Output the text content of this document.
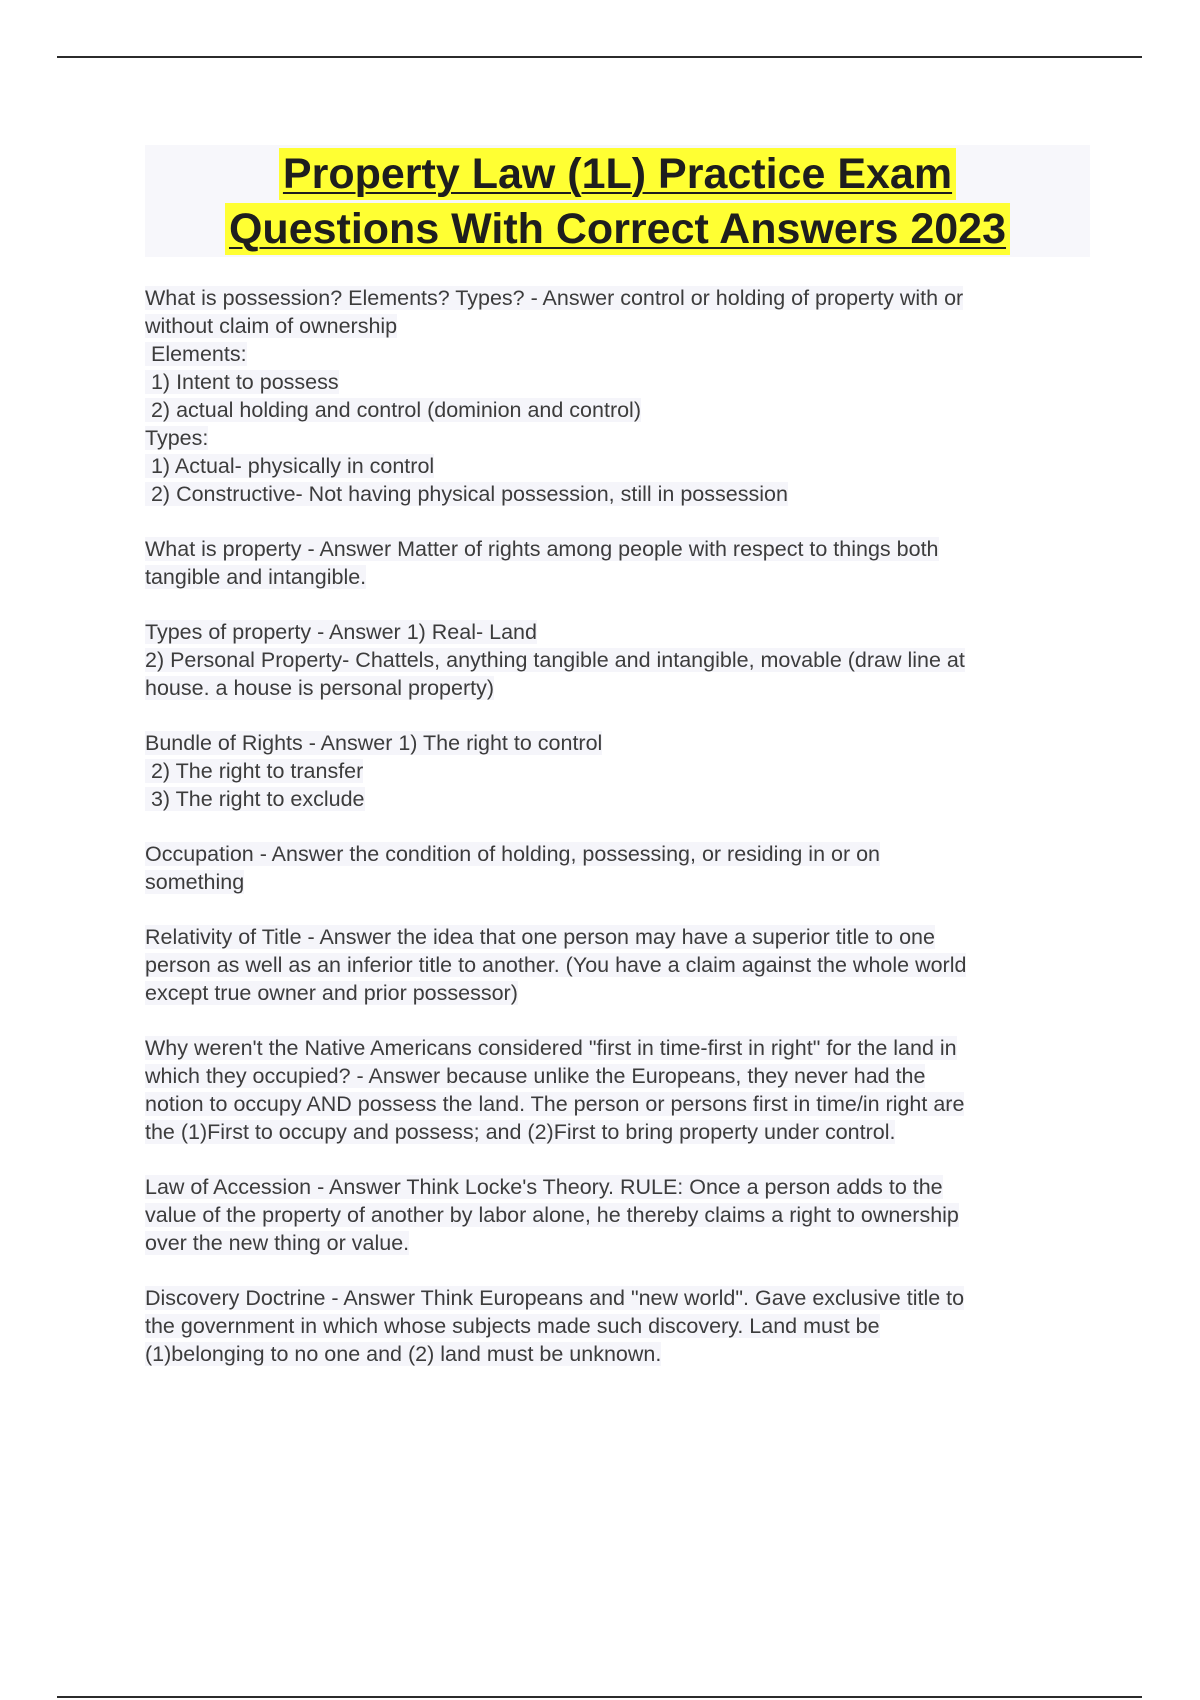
Property Law (1L) Practice Exam
Questions With Correct Answers 2023
What is possession? Elements? Types? - Answer control or holding of property with or
without claim of ownership
Elements:
1) Intent to possess
2) actual holding and control (dominion and control)
Types:
1) Actual- physically in control
2) Constructive- Not having physical possession, still in possession
What is property - Answer Matter of rights among people with respect to things both
tangible and intangible.
Types of property - Answer 1) Real- Land
2) Personal Property- Chattels, anything tangible and intangible, movable (draw line at
house. a house is personal property)
Bundle of Rights - Answer 1) The right to control
2) The right to transfer
3) The right to exclude
Occupation - Answer the condition of holding, possessing, or residing in or on
something
Relativity of Title - Answer the idea that one person may have a superior title to one
person as well as an inferior title to another. (You have a claim against the whole world
except true owner and prior possessor)
Why weren't the Native Americans considered "first in time-first in right" for the land in
which they occupied? - Answer because unlike the Europeans, they never had the
notion to occupy AND possess the land. The person or persons first in time/in right are
the (1)First to occupy and possess; and (2)First to bring property under control.
Law of Accession - Answer Think Locke's Theory. RULE: Once a person adds to the
value of the property of another by labor alone, he thereby claims a right to ownership
over the new thing or value.
Discovery Doctrine - Answer Think Europeans and "new world". Gave exclusive title to
the government in which whose subjects made such discovery. Land must be
(1)belonging to no one and (2) land must be unknown.
